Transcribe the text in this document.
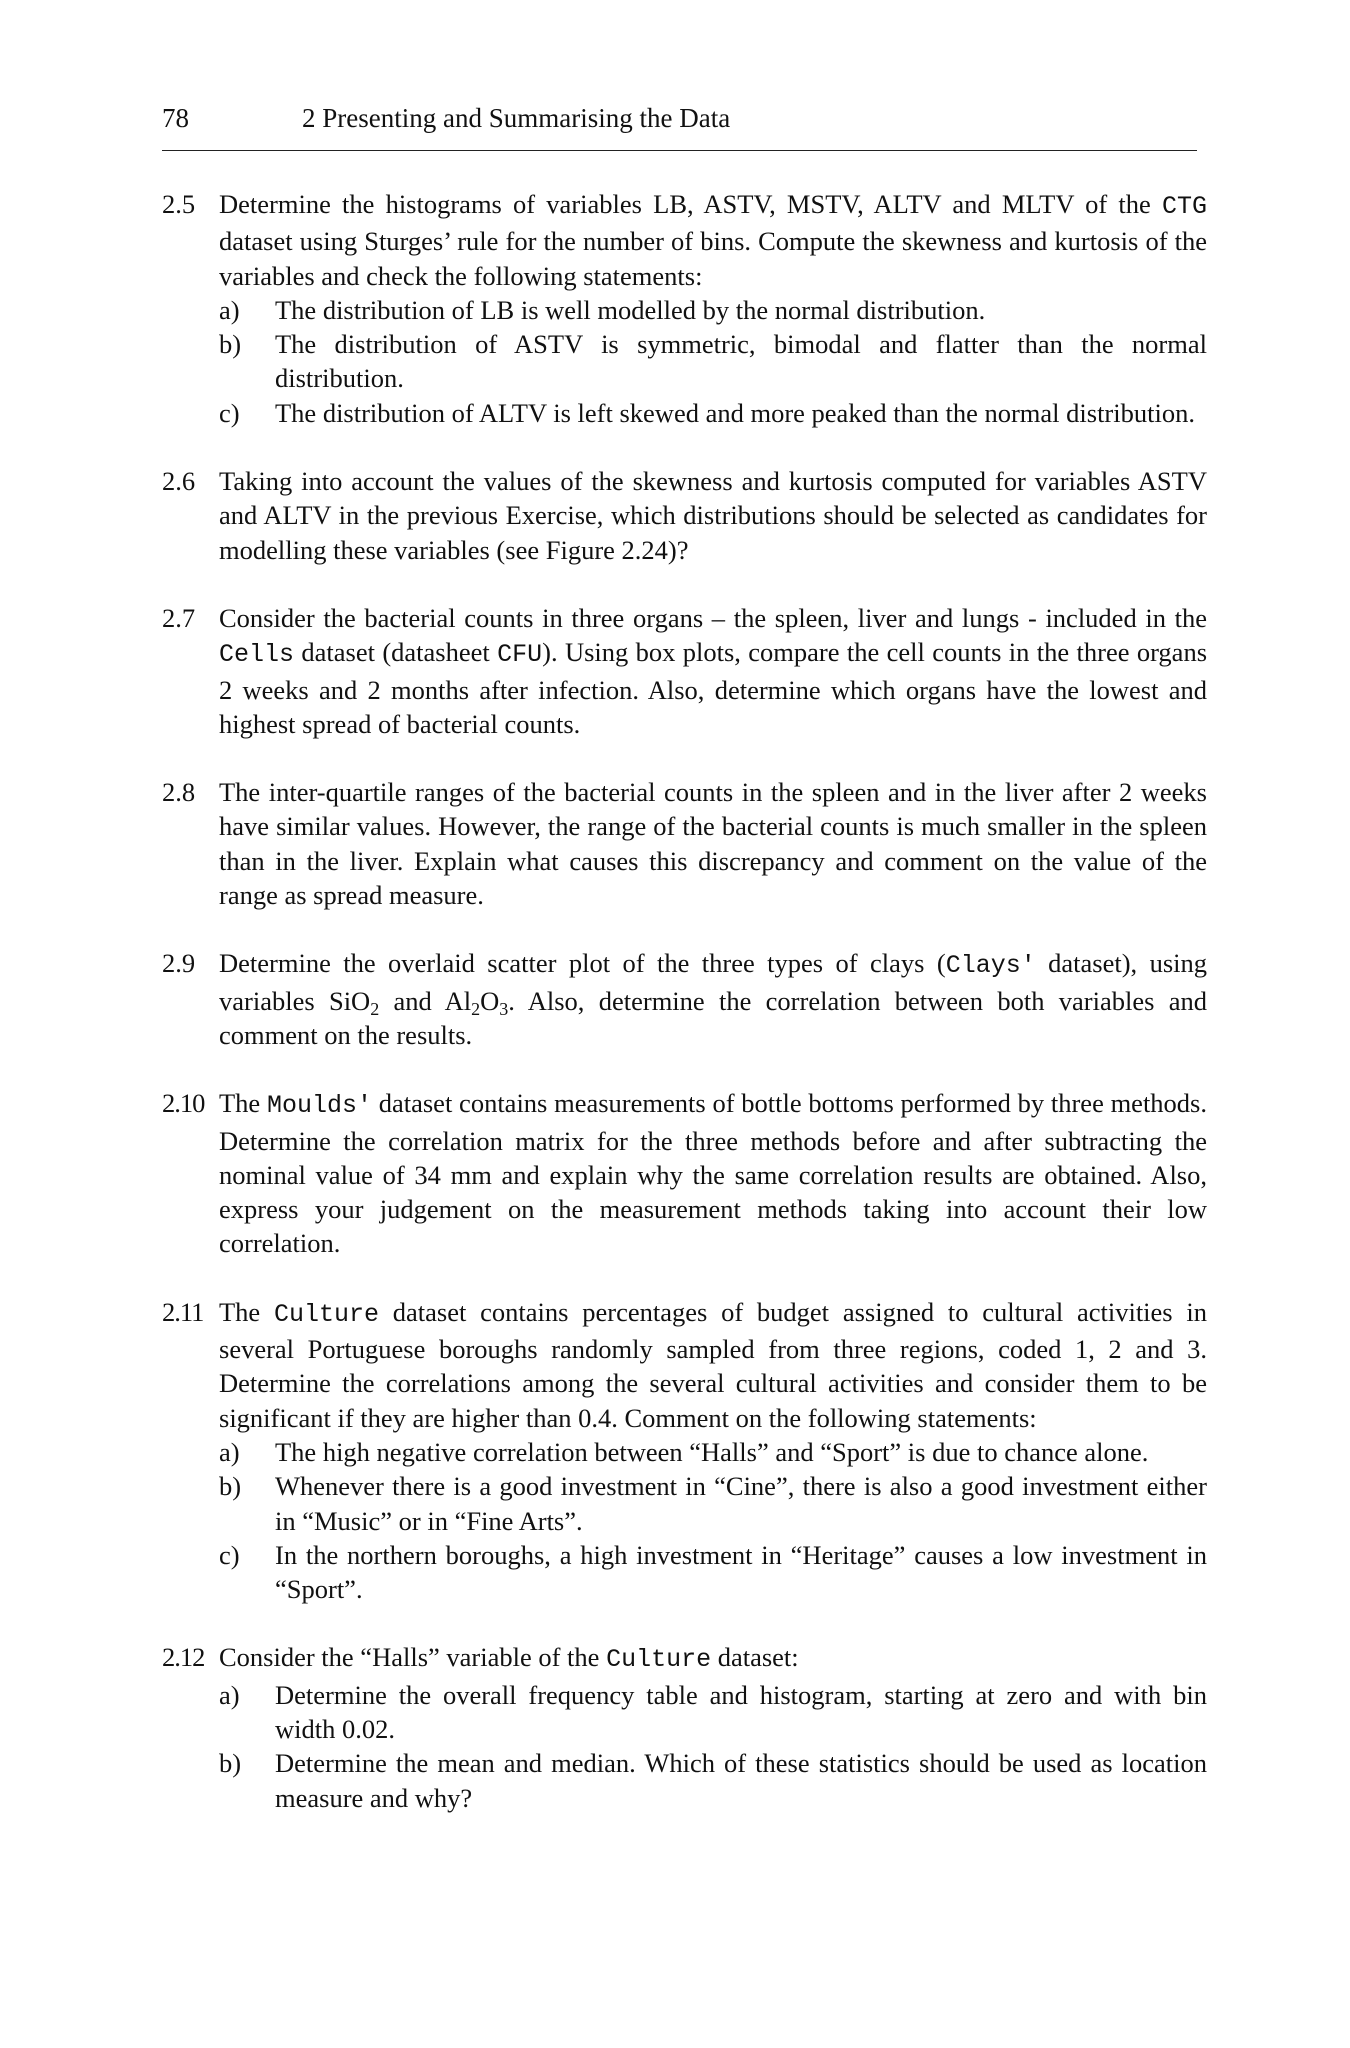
78	2 Presenting and Summarising the Data
2.5 Determine the histograms of variables LB, ASTV, MSTV, ALTV and MLTV of the CTG dataset using Sturges’ rule for the number of bins. Compute the skewness and kurtosis of the variables and check the following statements:
a) The distribution of LB is well modelled by the normal distribution.
b) The distribution of ASTV is symmetric, bimodal and flatter than the normal distribution.
c) The distribution of ALTV is left skewed and more peaked than the normal distribution.
2.6 Taking into account the values of the skewness and kurtosis computed for variables ASTV and ALTV in the previous Exercise, which distributions should be selected as candidates for modelling these variables (see Figure 2.24)?
2.7 Consider the bacterial counts in three organs – the spleen, liver and lungs - included in the Cells dataset (datasheet CFU). Using box plots, compare the cell counts in the three organs 2 weeks and 2 months after infection. Also, determine which organs have the lowest and highest spread of bacterial counts.
2.8 The inter-quartile ranges of the bacterial counts in the spleen and in the liver after 2 weeks have similar values. However, the range of the bacterial counts is much smaller in the spleen than in the liver. Explain what causes this discrepancy and comment on the value of the range as spread measure.
2.9 Determine the overlaid scatter plot of the three types of clays (Clays' dataset), using variables SiO$_2$ and $Al_2O_3$. Also, determine the correlation between both variables and comment on the results.
2.10 The Moulds' dataset contains measurements of bottle bottoms performed by three methods. Determine the correlation matrix for the three methods before and after subtracting the nominal value of 34 mm and explain why the same correlation results are obtained. Also, express your judgement on the measurement methods taking into account their low correlation.
2.11 The Culture dataset contains percentages of budget assigned to cultural activities in several Portuguese boroughs randomly sampled from three regions, coded 1, 2 and 3. Determine the correlations among the several cultural activities and consider them to be significant if they are higher than 0.4. Comment on the following statements:
a) The high negative correlation between “Halls” and “Sport” is due to chance alone.
b) Whenever there is a good investment in “Cine”, there is also a good investment either in “Music” or in “Fine Arts”.
c) In the northern boroughs, a high investment in “Heritage” causes a low investment in “Sport”.
2.12 Consider the “Halls” variable of the Culture dataset:
a) Determine the overall frequency table and histogram, starting at zero and with bin width 0.02.
b) Determine the mean and median. Which of these statistics should be used as location measure and why?
